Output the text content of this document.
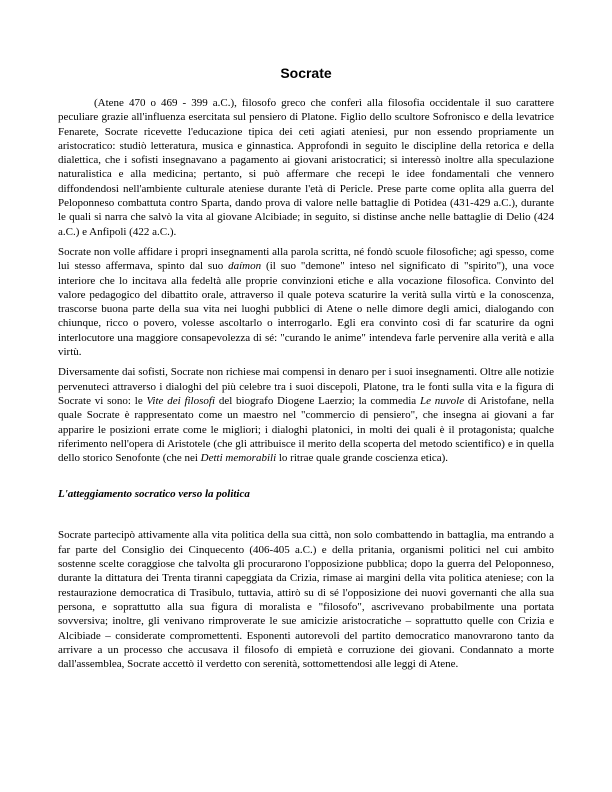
Socrate

(Atene 470 o 469 - 399 a.C.), filosofo greco che conferì alla filosofia occidentale il suo carattere peculiare grazie all'influenza esercitata sul pensiero di Platone. Figlio dello scultore Sofronisco e della levatrice Fenarete, Socrate ricevette l'educazione tipica dei ceti agiati ateniesi, pur non essendo propriamente un aristocratico: studiò letteratura, musica e ginnastica. Approfondì in seguito le discipline della retorica e della dialettica, che i sofisti insegnavano a pagamento ai giovani aristocratici; si interessò inoltre alla speculazione naturalistica e alla medicina; pertanto, si può affermare che recepì le idee fondamentali che vennero diffondendosi nell'ambiente culturale ateniese durante l'età di Pericle. Prese parte come oplita alla guerra del Peloponneso combattuta contro Sparta, dando prova di valore nelle battaglie di Potidea (431-429 a.C.), durante le quali si narra che salvò la vita al giovane Alcibiade; in seguito, si distinse anche nelle battaglie di Delio (424 a.C.) e Anfipoli (422 a.C.).

Socrate non volle affidare i propri insegnamenti alla parola scritta, né fondò scuole filosofiche; agì spesso, come lui stesso affermava, spinto dal suo daímon (il suo "demone" inteso nel significato di "spirito"), una voce interiore che lo incitava alla fedeltà alle proprie convinzioni etiche e alla vocazione filosofica. Convinto del valore pedagogico del dibattito orale, attraverso il quale poteva scaturire la verità sulla virtù e la conoscenza, trascorse buona parte della sua vita nei luoghi pubblici di Atene o nelle dimore degli amici, dialogando con chiunque, ricco o povero, volesse ascoltarlo o interrogarlo. Egli era convinto così di far scaturire da ogni interlocutore una maggiore consapevolezza di sé: "curando le anime" intendeva farle pervenire alla verità e alla virtù.

Diversamente dai sofisti, Socrate non richiese mai compensi in denaro per i suoi insegnamenti. Oltre alle notizie pervenuteci attraverso i dialoghi del più celebre tra i suoi discepoli, Platone, tra le fonti sulla vita e la figura di Socrate vi sono: le Vite dei filosofi del biografo Diogene Laerzio; la commedia Le nuvole di Aristofane, nella quale Socrate è rappresentato come un maestro nel "commercio di pensiero", che insegna ai giovani a far apparire le posizioni errate come le migliori; i dialoghi platonici, in molti dei quali è il protagonista; qualche riferimento nell'opera di Aristotele (che gli attribuisce il merito della scoperta del metodo scientifico) e in quella dello storico Senofonte (che nei Detti memorabili lo ritrae quale grande coscienza etica).

L'atteggiamento socratico verso la politica

Socrate partecipò attivamente alla vita politica della sua città, non solo combattendo in battaglia, ma entrando a far parte del Consiglio dei Cinquecento (406-405 a.C.) e della pritania, organismi politici nel cui ambito sostenne scelte coraggiose che talvolta gli procurarono l'opposizione pubblica; dopo la guerra del Peloponneso, durante la dittatura dei Trenta tiranni capeggiata da Crizia, rimase ai margini della vita politica ateniese; con la restaurazione democratica di Trasibulo, tuttavia, attirò su di sé l'opposizione dei nuovi governanti che alla sua persona, e soprattutto alla sua figura di moralista e "filosofo", ascrivevano probabilmente una portata sovversiva; inoltre, gli venivano rimproverate le sue amicizie aristocratiche – soprattutto quelle con Crizia e Alcibiade – considerate compromettenti. Esponenti autorevoli del partito democratico manovrarono tanto da arrivare a un processo che accusava il filosofo di empietà e corruzione dei giovani. Condannato a morte dall'assemblea, Socrate accettò il verdetto con serenità, sottomettendosi alle leggi di Atene.
